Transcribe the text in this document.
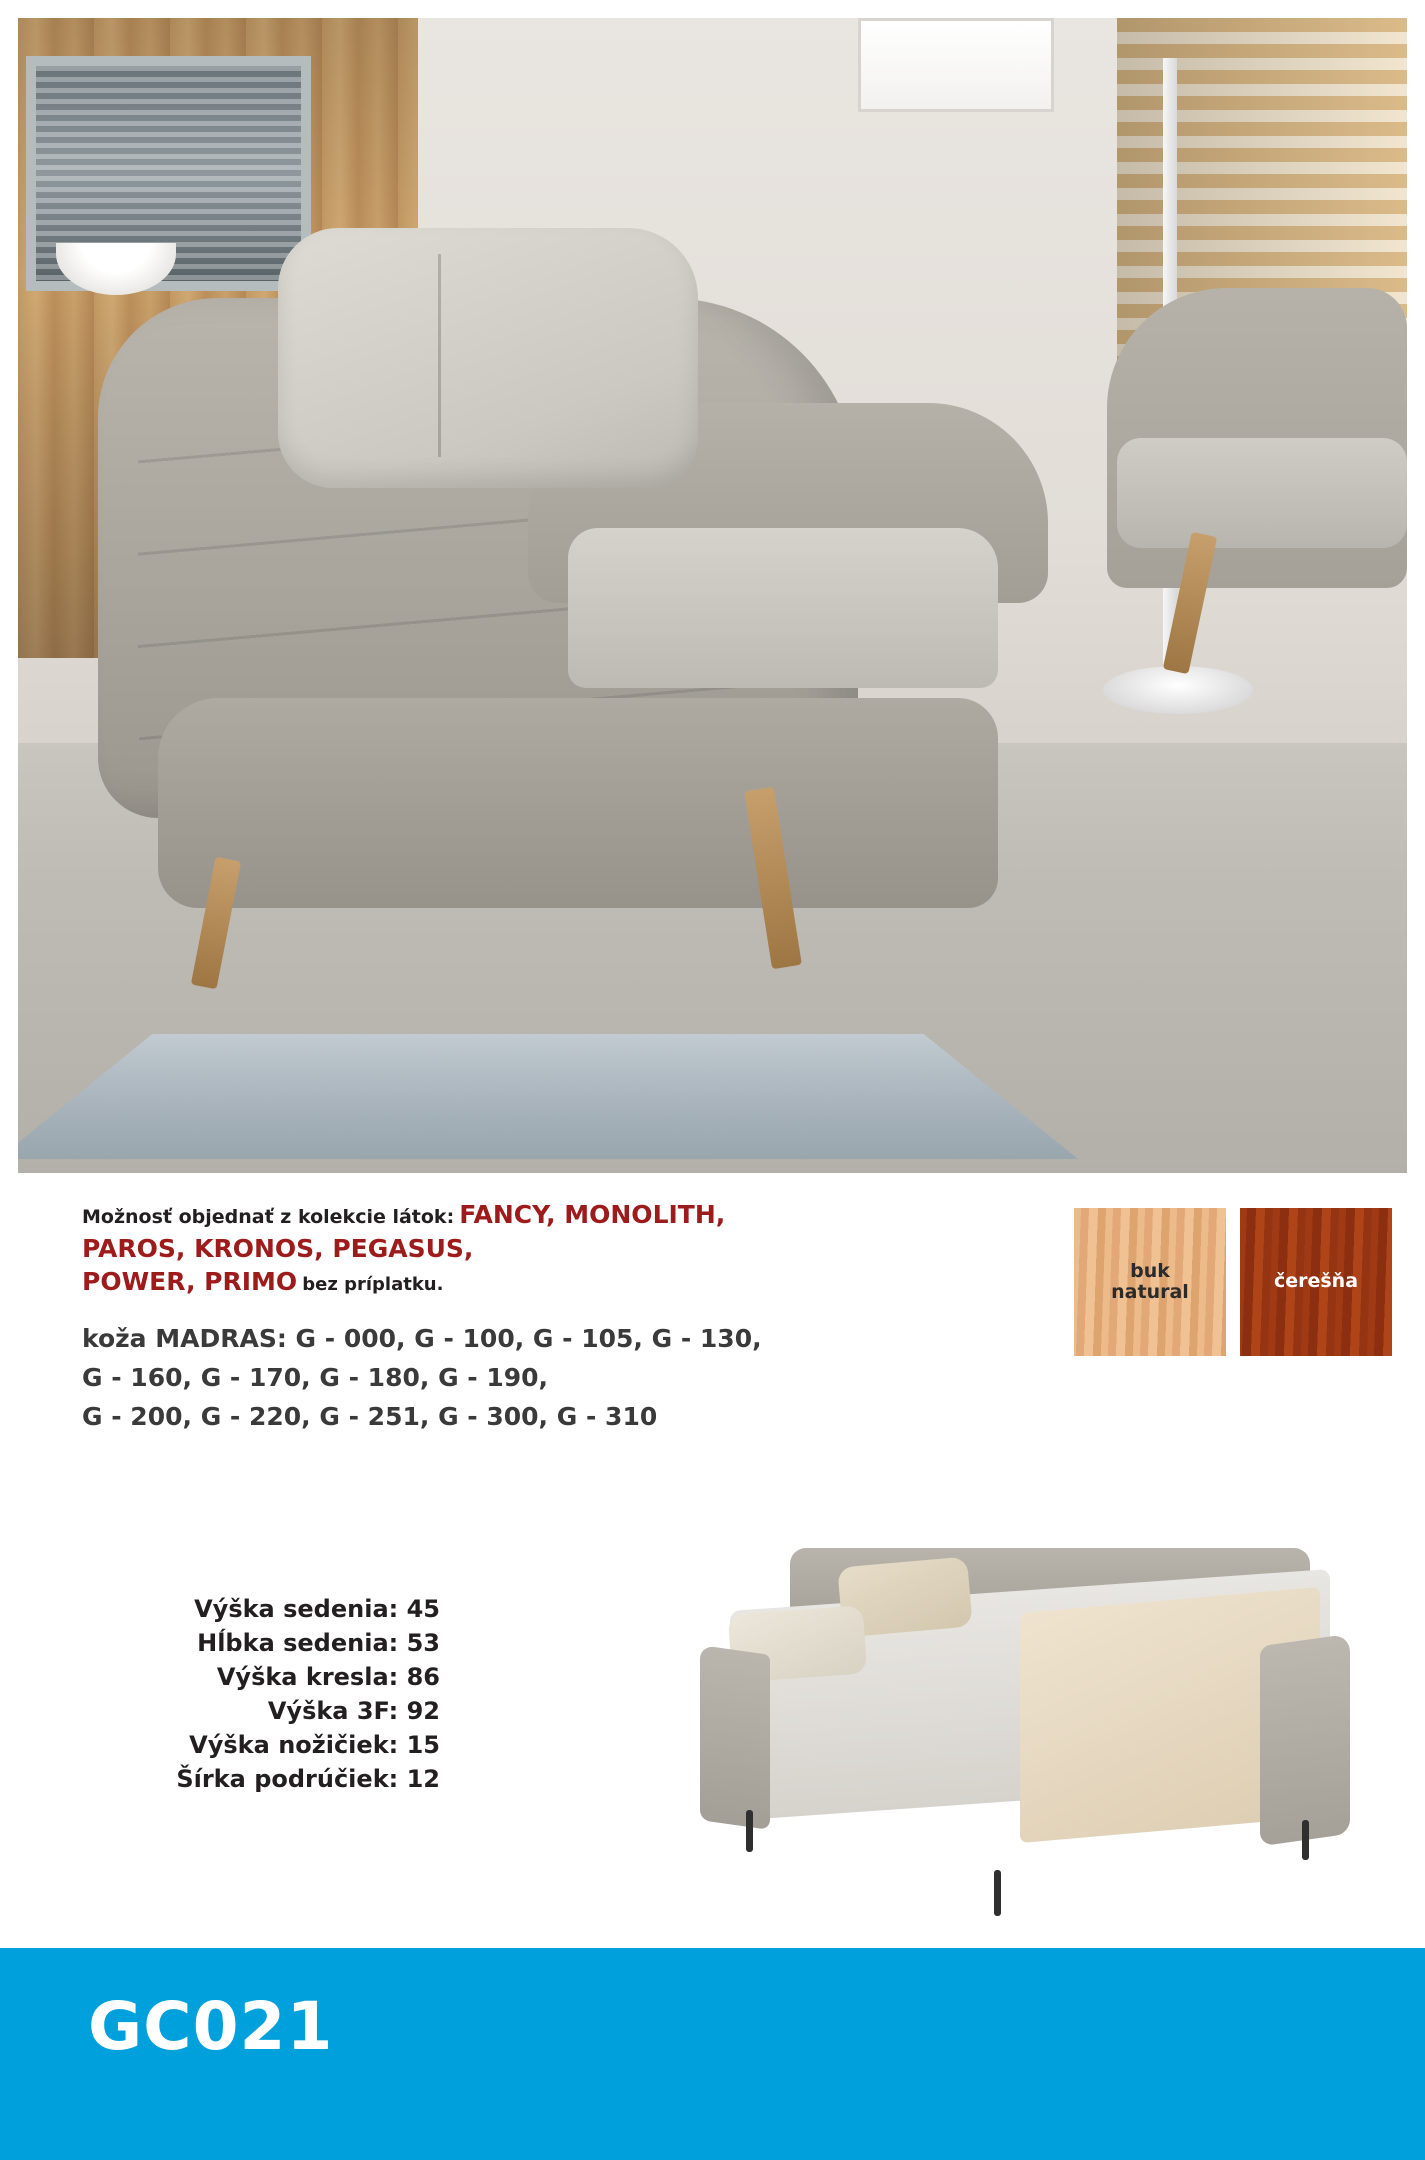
Možnosť objednať z kolekcie látok: FANCY, MONOLITH,
PAROS, KRONOS, PEGASUS,
POWER, PRIMO bez príplatku.
koža MADRAS: G - 000, G - 100, G - 105, G - 130,
G - 160, G - 170, G - 180, G - 190,
G - 200, G - 220, G - 251, G - 300, G - 310
buk
natural	čerešňa
Výška sedenia: 45
Hĺbka sedenia: 53
Výška kresla: 86
Výška 3F: 92
Výška nožičiek: 15
Šírka podrúčiek: 12
GC021
